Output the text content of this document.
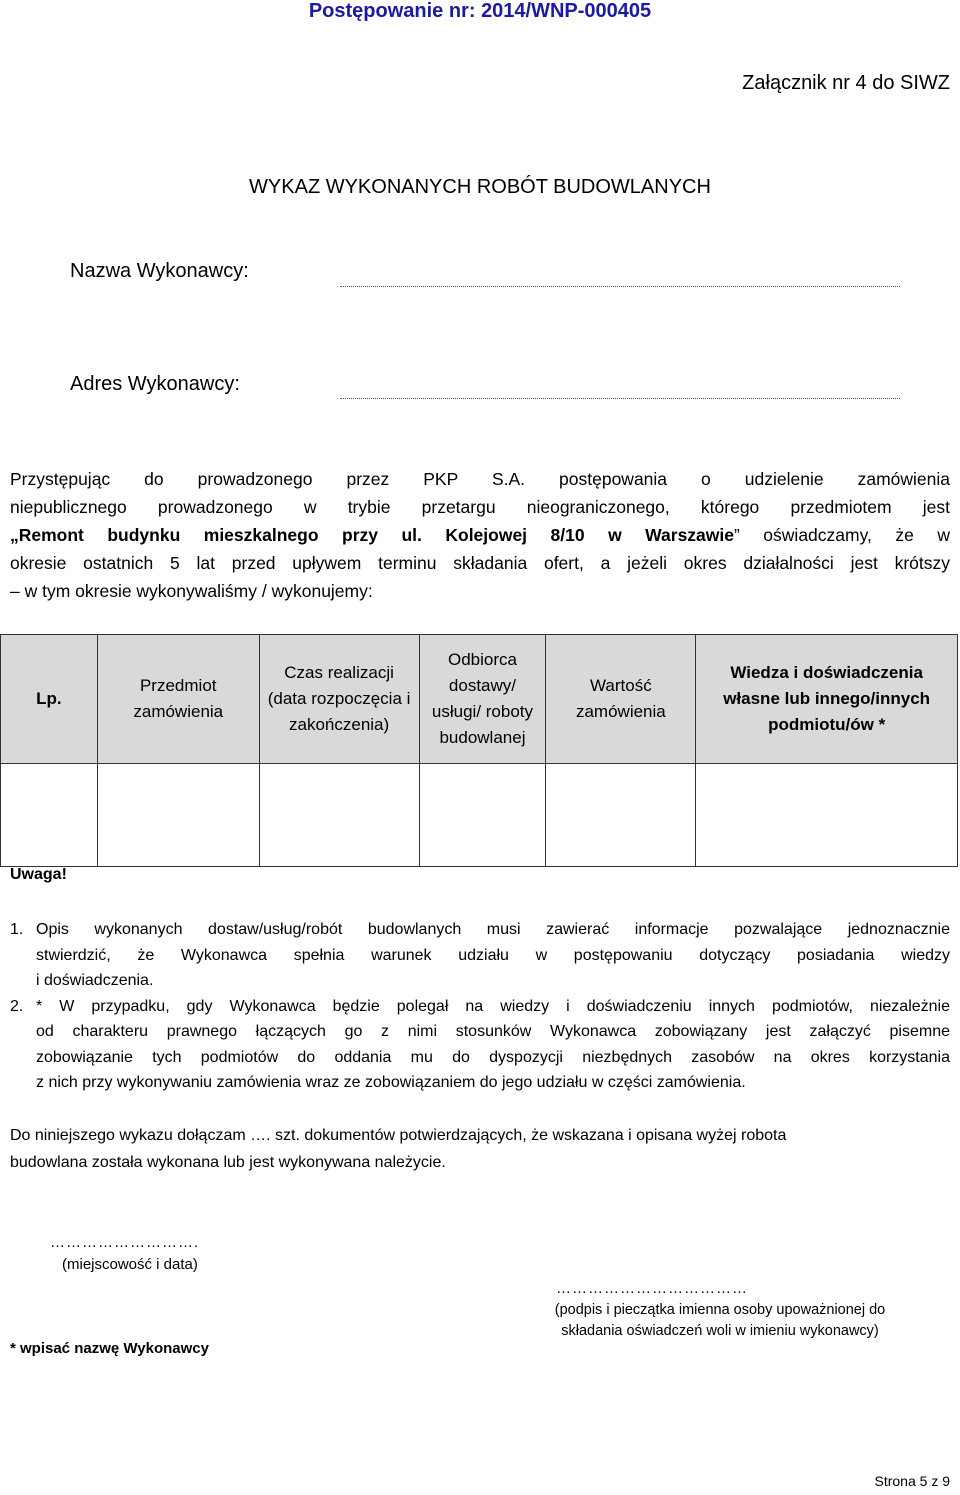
Postępowanie nr: 2014/WNP-000405
Załącznik nr 4 do SIWZ
WYKAZ WYKONANYCH ROBÓT BUDOWLANYCH
Nazwa Wykonawcy:
Adres Wykonawcy:
Przystępując do prowadzonego przez PKP S.A. postępowania o udzielenie zamówienia
niepublicznego prowadzonego w trybie przetargu nieograniczonego, którego przedmiotem jest
„Remont budynku mieszkalnego przy ul. Kolejowej 8/10 w Warszawie” oświadczamy, że w
okresie ostatnich 5 lat przed upływem terminu składania ofert, a jeżeli okres działalności jest krótszy
– w tym okresie wykonywaliśmy / wykonujemy:
Lp.	Przedmiot zamówienia	Czas realizacji (data rozpoczęcia i zakończenia)	Odbiorca dostawy/ usługi/ roboty budowlanej	Wartość zamówienia	Wiedza i doświadczenia własne lub innego/innych podmiotu/ów *

Uwaga!
1. Opis wykonanych dostaw/usług/robót budowlanych musi zawierać informacje pozwalające jednoznacznie
stwierdzić, że Wykonawca spełnia warunek udziału w postępowaniu dotyczący posiadania wiedzy
i doświadczenia.
2. * W przypadku, gdy Wykonawca będzie polegał na wiedzy i doświadczeniu innych podmiotów, niezależnie
od charakteru prawnego łączących go z nimi stosunków Wykonawca zobowiązany jest załączyć pisemne
zobowiązanie tych podmiotów do oddania mu do dyspozycji niezbędnych zasobów na okres korzystania
z nich przy wykonywaniu zamówienia wraz ze zobowiązaniem do jego udziału w części zamówienia.
Do niniejszego wykazu dołączam …. szt. dokumentów potwierdzających, że wskazana i opisana wyżej robota
budowlana została wykonana lub jest wykonywana należycie.
……………………….
(miejscowość i data)
………………………………
(podpis i pieczątka imienna osoby upoważnionej do
składania oświadczeń woli w imieniu wykonawcy)
* wpisać nazwę Wykonawcy
Strona 5 z 9
